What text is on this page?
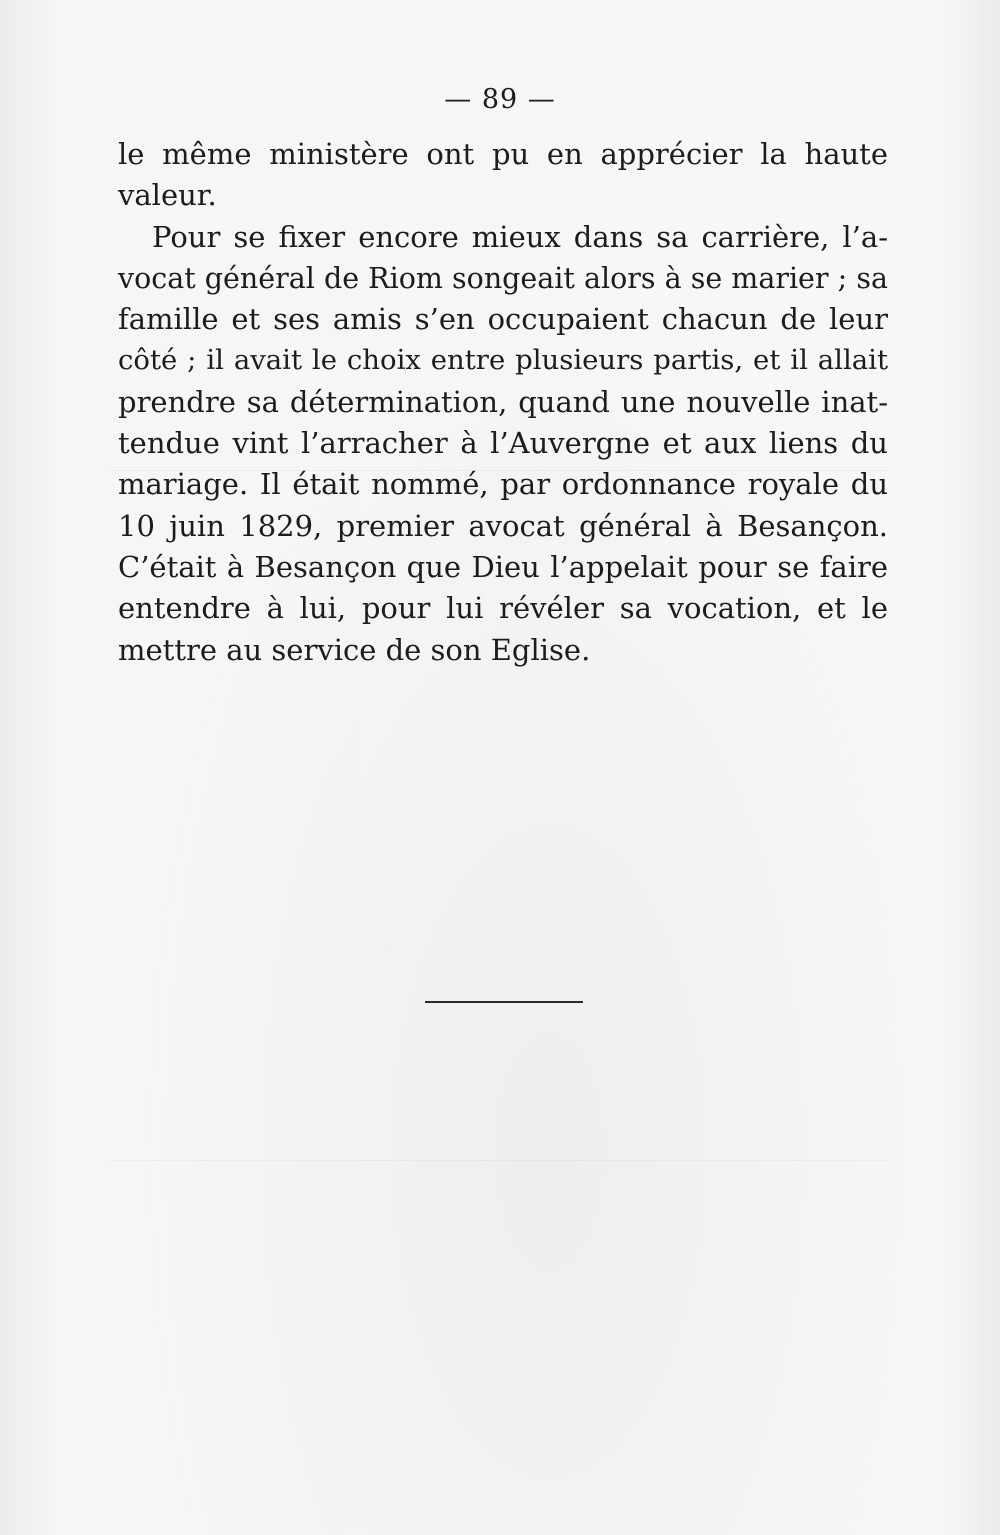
— 89 —
le même ministère ont pu en apprécier la haute
valeur.
Pour se fixer encore mieux dans sa carrière, l’a-
vocat général de Riom songeait alors à se marier ; sa
famille et ses amis s’en occupaient chacun de leur
côté ; il avait le choix entre plusieurs partis, et il allait
prendre sa détermination, quand une nouvelle inat-
tendue vint l’arracher à l’Auvergne et aux liens du
mariage. Il était nommé, par ordonnance royale du
10 juin 1829, premier avocat général à Besançon.
C’était à Besançon que Dieu l’appelait pour se faire
entendre à lui, pour lui révéler sa vocation, et le
mettre au service de son Eglise.
